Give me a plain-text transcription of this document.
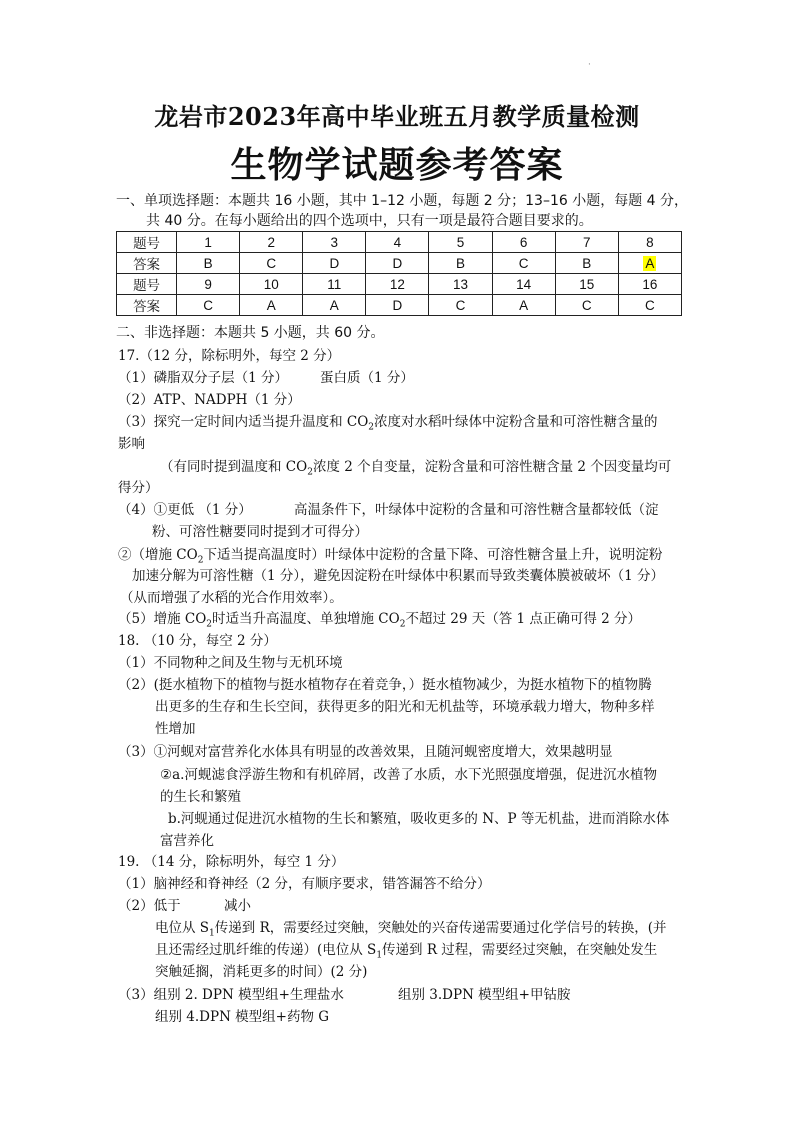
·
龙岩市2023年高中毕业班五月教学质量检测
生物学试题参考答案
一、单项选择题：本题共 16 小题，其中 1–12 小题，每题 2 分；13–16 小题，每题 4 分，
共 40 分。在每小题给出的四个选项中，只有一项是最符合题目要求的。
题号	1	2	3	4	5	6	7	8
答案	B	C	D	D	B	C	B	A
题号	9	10	11	12	13	14	15	16
答案	C	A	A	D	C	A	C	C
二、非选择题：本题共 5 小题，共 60 分。
17.（12 分，除标明外，每空 2 分）
（1）磷脂双分子层（1 分） 蛋白质（1 分）
（2）ATP、NADPH（1 分）
（3）探究一定时间内适当提升温度和 $CO_2$浓度对水稻叶绿体中淀粉含量和可溶性糖含量的
影响
（有同时提到温度和 $CO_2$浓度 2 个自变量，淀粉含量和可溶性糖含量 2 个因变量均可
得分）
（4）①更低 （1 分）	高温条件下，叶绿体中淀粉的含量和可溶性糖含量都较低（淀
粉、可溶性糖要同时提到才可得分）
②（增施 $CO_2$下适当提高温度时）叶绿体中淀粉的含量下降、可溶性糖含量上升，说明淀粉
加速分解为可溶性糖（1 分），避免因淀粉在叶绿体中积累而导致类囊体膜被破坏（1 分）
（从而增强了水稻的光合作用效率）。
（5）增施 $CO_2$时适当升高温度、单独增施 $CO_2$不超过 29 天（答 1 点正确可得 2 分）
18. （10 分，每空 2 分）
（1）不同物种之间及生物与无机环境
（2）(挺水植物下的植物与挺水植物存在着竞争，）挺水植物减少，为挺水植物下的植物腾
出更多的生存和生长空间，获得更多的阳光和无机盐等，环境承载力增大，物种多样
性增加
（3）①河蚬对富营养化水体具有明显的改善效果，且随河蚬密度增大，效果越明显
②a.河蚬滤食浮游生物和有机碎屑，改善了水质，水下光照强度增强，促进沉水植物
的生长和繁殖
b.河蚬通过促进沉水植物的生长和繁殖，吸收更多的 N、P 等无机盐，进而消除水体
富营养化
19. （14 分，除标明外，每空 1 分）
（1）脑神经和脊神经（2 分，有顺序要求，错答漏答不给分）
（2）低于	减小
电位从 $S_1$传递到 R，需要经过突触，突触处的兴奋传递需要通过化学信号的转换，(并
且还需经过肌纤维的传递）(电位从 $S_1$传递到 R 过程，需要经过突触，在突触处发生
突触延搁，消耗更多的时间）(2 分)
（3）组别 2. DPN 模型组+生理盐水	组别 3.DPN 模型组+甲钴胺
组别 4.DPN 模型组+药物 G
